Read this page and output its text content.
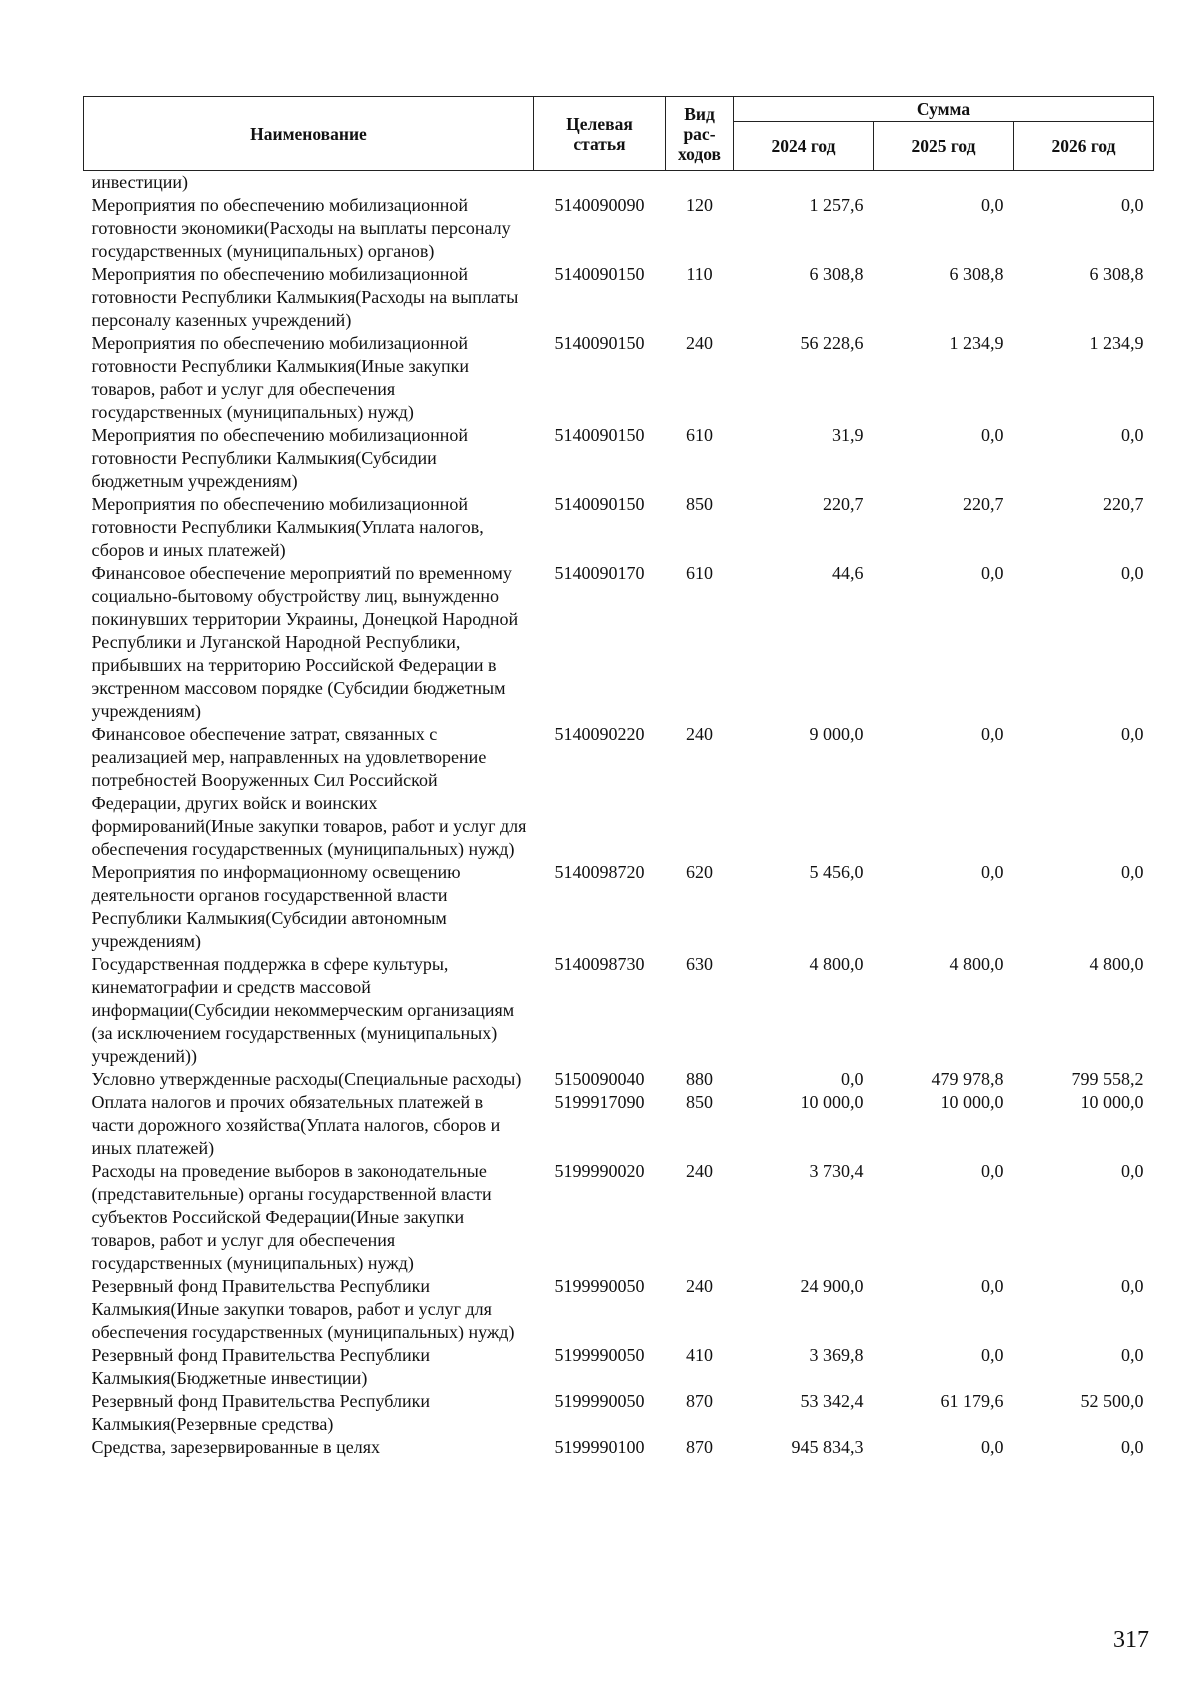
Наименование	Целевая статья	Вид рас- ходов	Сумма		
			2024 год	2025 год	2026 год
инвестиции)					
Мероприятия по обеспечению мобилизационной готовности экономики(Расходы на выплаты персоналу государственных (муниципальных) органов)	5140090090	120	1 257,6	0,0	0,0
Мероприятия по обеспечению мобилизационной готовности Республики Калмыкия(Расходы на выплаты персоналу казенных учреждений)	5140090150	110	6 308,8	6 308,8	6 308,8
Мероприятия по обеспечению мобилизационной готовности Республики Калмыкия(Иные закупки товаров, работ и услуг для обеспечения государственных (муниципальных) нужд)	5140090150	240	56 228,6	1 234,9	1 234,9
Мероприятия по обеспечению мобилизационной готовности Республики Калмыкия(Субсидии бюджетным учреждениям)	5140090150	610	31,9	0,0	0,0
Мероприятия по обеспечению мобилизационной готовности Республики Калмыкия(Уплата налогов, сборов и иных платежей)	5140090150	850	220,7	220,7	220,7
Финансовое обеспечение мероприятий по временному социально-бытовому обустройству лиц, вынужденно покинувших территории Украины, Донецкой Народной Республики и Луганской Народной Республики, прибывших на территорию Российской Федерации в экстренном массовом порядке (Субсидии бюджетным учреждениям)	5140090170	610	44,6	0,0	0,0
Финансовое обеспечение затрат, связанных с реализацией мер, направленных на удовлетворение потребностей Вооруженных Сил Российской Федерации, других войск и воинских формирований(Иные закупки товаров, работ и услуг для обеспечения государственных (муниципальных) нужд)	5140090220	240	9 000,0	0,0	0,0
Мероприятия по информационному освещению деятельности органов государственной власти Республики Калмыкия(Субсидии автономным учреждениям)	5140098720	620	5 456,0	0,0	0,0
Государственная поддержка в сфере культуры, кинематографии и средств массовой информации(Субсидии некоммерческим организациям (за исключением государственных (муниципальных) учреждений))	5140098730	630	4 800,0	4 800,0	4 800,0
Условно утвержденные расходы(Специальные расходы)	5150090040	880	0,0	479 978,8	799 558,2
Оплата налогов и прочих обязательных платежей в части дорожного хозяйства(Уплата налогов, сборов и иных платежей)	5199917090	850	10 000,0	10 000,0	10 000,0
Расходы на проведение выборов в законодательные (представительные) органы государственной власти субъектов Российской Федерации(Иные закупки товаров, работ и услуг для обеспечения государственных (муниципальных) нужд)	5199990020	240	3 730,4	0,0	0,0
Резервный фонд Правительства Республики Калмыкия(Иные закупки товаров, работ и услуг для обеспечения государственных (муниципальных) нужд)	5199990050	240	24 900,0	0,0	0,0
Резервный фонд Правительства Республики Калмыкия(Бюджетные инвестиции)	5199990050	410	3 369,8	0,0	0,0
Резервный фонд Правительства Республики Калмыкия(Резервные средства)	5199990050	870	53 342,4	61 179,6	52 500,0
Средства, зарезервированные в целях	5199990100	870	945 834,3	0,0	0,0
317
